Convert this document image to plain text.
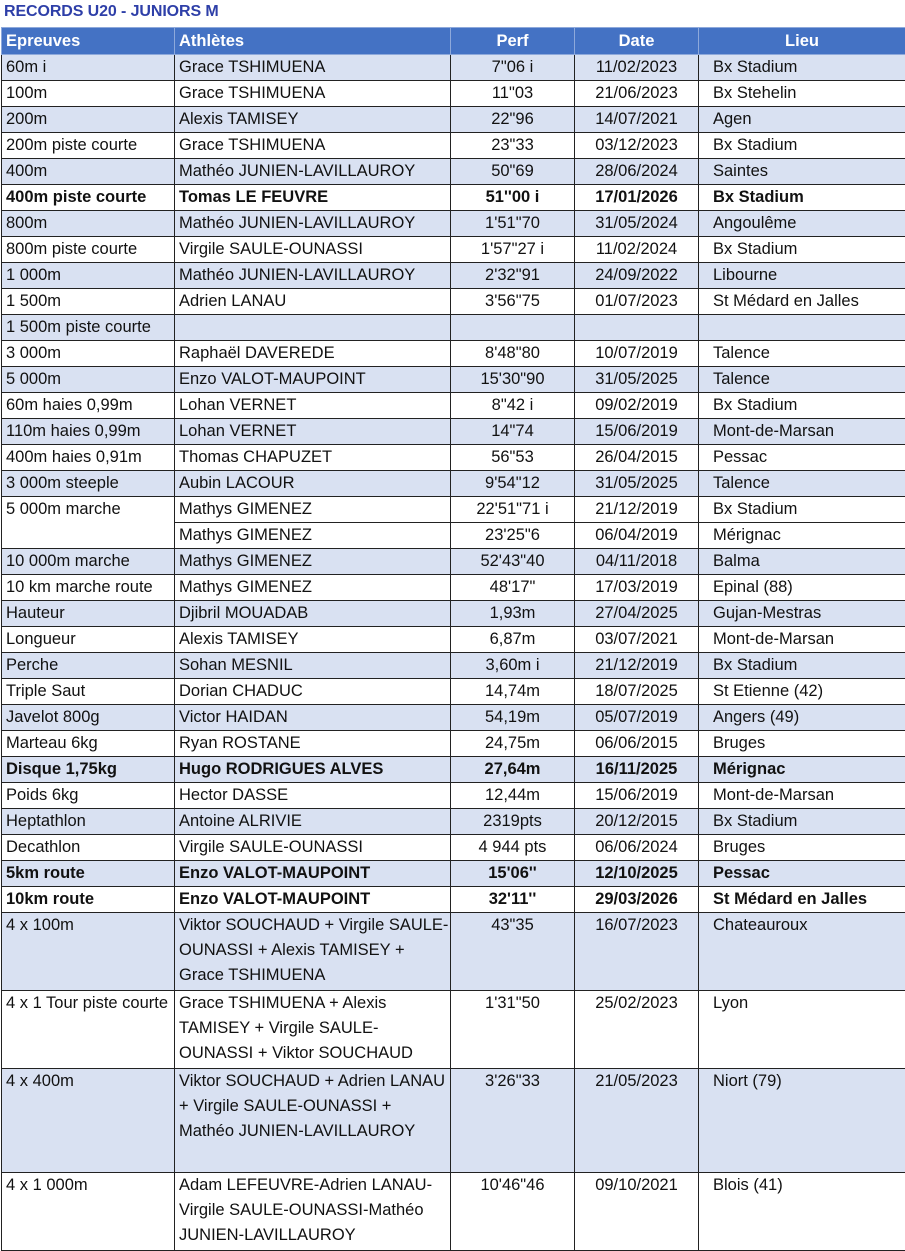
RECORDS U20 - JUNIORS M
Epreuves	Athlètes	Perf	Date	Lieu

60m i	Grace TSHIMUENA	7"06 i	11/02/2023	Bx Stadium

100m	Grace TSHIMUENA	11"03	21/06/2023	Bx Stehelin

200m	Alexis TAMISEY	22"96	14/07/2021	Agen

200m piste courte	Grace TSHIMUENA	23"33	03/12/2023	Bx Stadium

400m	Mathéo JUNIEN-LAVILLAUROY	50"69	28/06/2024	Saintes

400m piste courte	Tomas LE FEUVRE	51''00 i	17/01/2026	Bx Stadium

800m	Mathéo JUNIEN-LAVILLAUROY	1'51"70	31/05/2024	Angoulême

800m piste courte	Virgile SAULE-OUNASSI	1'57"27 i	11/02/2024	Bx Stadium

1 000m	Mathéo JUNIEN-LAVILLAUROY	2'32"91	24/09/2022	Libourne

1 500m	Adrien LANAU	3'56"75	01/07/2023	St Médard en Jalles

1 500m piste courte				

3 000m	Raphaël DAVEREDE	8'48"80	10/07/2019	Talence

5 000m	Enzo VALOT-MAUPOINT	15'30"90	31/05/2025	Talence

60m haies 0,99m	Lohan VERNET	8"42 i	09/02/2019	Bx Stadium

110m haies 0,99m	Lohan VERNET	14"74	15/06/2019	Mont-de-Marsan

400m haies 0,91m	Thomas CHAPUZET	56"53	26/04/2015	Pessac

3 000m steeple	Aubin LACOUR	9'54"12	31/05/2025	Talence

5 000m marche	Mathys GIMENEZ	22'51"71 i	21/12/2019	Bx Stadium

	Mathys GIMENEZ	23'25"6	06/04/2019	Mérignac

10 000m marche	Mathys GIMENEZ	52'43"40	04/11/2018	Balma

10 km marche route	Mathys GIMENEZ	48'17"	17/03/2019	Epinal (88)

Hauteur	Djibril MOUADAB	1,93m	27/04/2025	Gujan-Mestras

Longueur	Alexis TAMISEY	6,87m	03/07/2021	Mont-de-Marsan

Perche	Sohan MESNIL	3,60m i	21/12/2019	Bx Stadium

Triple Saut	Dorian CHADUC	14,74m	18/07/2025	St Etienne (42)

Javelot 800g	Victor HAIDAN	54,19m	05/07/2019	Angers (49)

Marteau 6kg	Ryan ROSTANE	24,75m	06/06/2015	Bruges

Disque 1,75kg	Hugo RODRIGUES ALVES	27,64m	16/11/2025	Mérignac

Poids 6kg	Hector DASSE	12,44m	15/06/2019	Mont-de-Marsan

Heptathlon	Antoine ALRIVIE	2319pts	20/12/2015	Bx Stadium

Decathlon	Virgile SAULE-OUNASSI	4 944 pts	06/06/2024	Bruges

5km route	Enzo VALOT-MAUPOINT	15'06''	12/10/2025	Pessac

10km route	Enzo VALOT-MAUPOINT	32'11''	29/03/2026	St Médard en Jalles

4 x 100m	Viktor SOUCHAUD + Virgile SAULE-OUNASSI + Alexis TAMISEY + Grace TSHIMUENA	43"35	16/07/2023	Chateauroux

4 x 1 Tour piste courte	Grace TSHIMUENA + Alexis TAMISEY + Virgile SAULE-OUNASSI + Viktor SOUCHAUD	1'31"50	25/02/2023	Lyon

4 x 400m	Viktor SOUCHAUD + Adrien LANAU + Virgile SAULE-OUNASSI + Mathéo JUNIEN-LAVILLAUROY	3'26"33	21/05/2023	Niort (79)

4 x 1 000m	Adam LEFEUVRE-Adrien LANAU-Virgile SAULE-OUNASSI-Mathéo JUNIEN-LAVILLAUROY	10'46"46	09/10/2021	Blois (41)
